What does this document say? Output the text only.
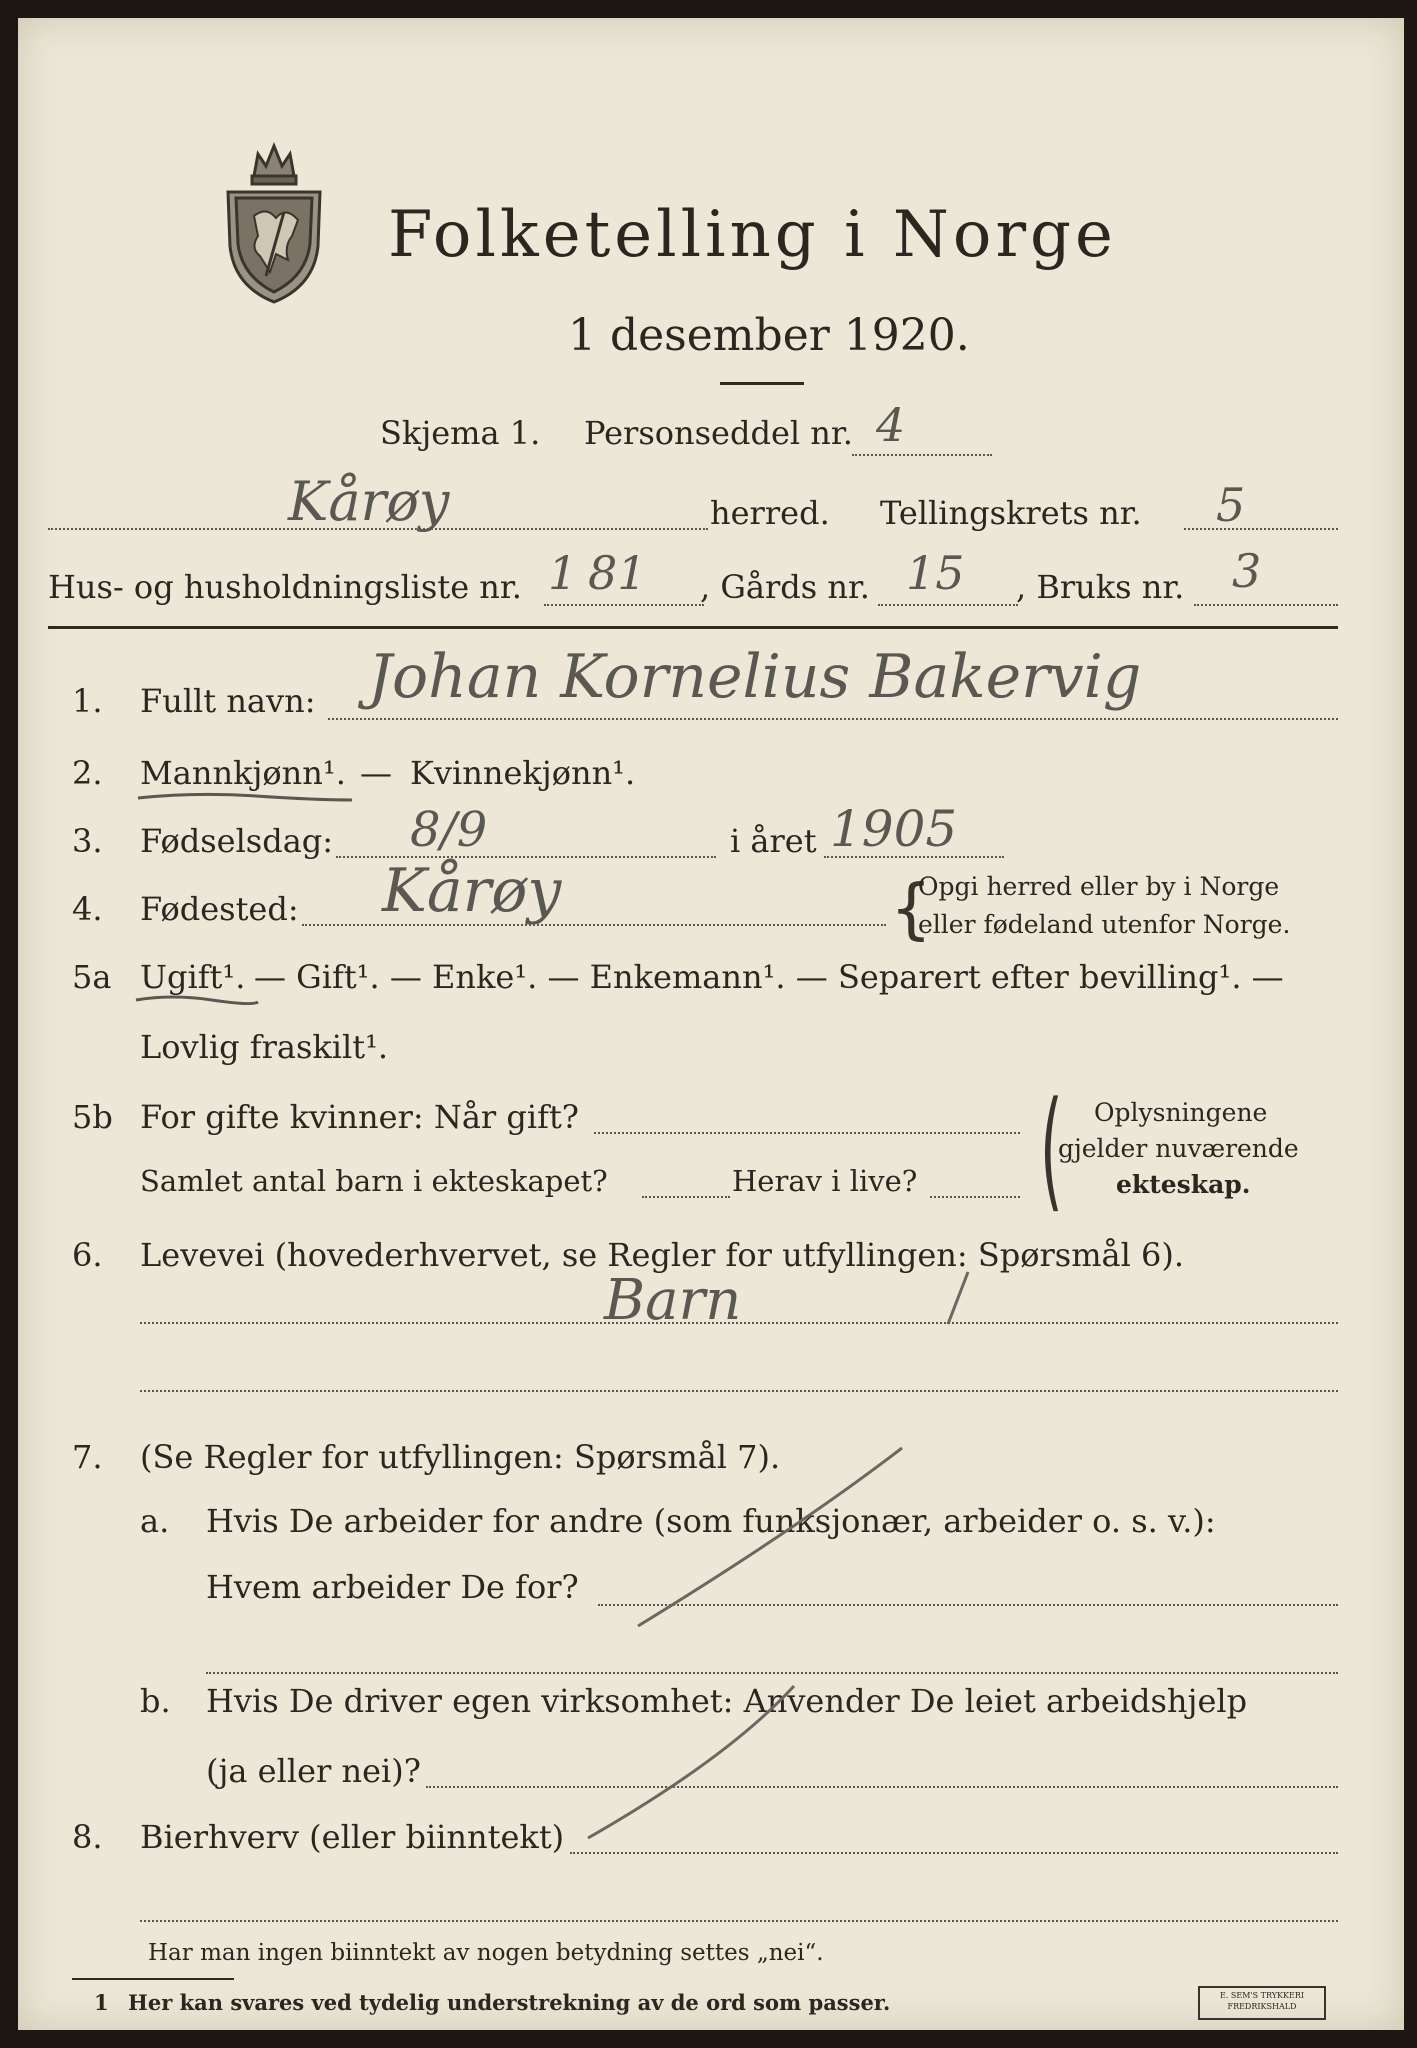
Folketelling i Norge
1 desember 1920.
Skjema 1. Personseddel nr. 4
Kårøy	herred. Tellingskrets nr. 5
Hus- og husholdningsliste nr. 1 81 , Gårds nr. 15 , Bruks nr. 3
1. Fullt navn: Johan Kornelius Bakervig
2. Mannkjønn¹. — Kvinnekjønn¹.
3. Fødselsdag: 8/9	i året 1905
4. Fødested: Kårøy	{
Opgi herred eller by i Norge
eller fødeland utenfor Norge.
5a Ugift¹. — Gift¹. — Enke¹. — Enkemann¹. — Separert efter bevilling¹. —
Lovlig fraskilt¹.
5b For gifte kvinner: Når gift?
Samlet antal barn i ekteskapet?	Herav i live? ( Oplysningene
gjelder nuværende
ekteskap.
6. Levevei (hovederhvervet, se Regler for utfyllingen: Spørsmål 6).
Barn
7. (Se Regler for utfyllingen: Spørsmål 7).
a. Hvis De arbeider for andre (som funksjonær, arbeider o. s. v.):
Hvem arbeider De for?
b. Hvis De driver egen virksomhet: Anvender De leiet arbeidshjelp
(ja eller nei)?
8. Bierhverv (eller biinntekt)
Har man ingen biinntekt av nogen betydning settes „nei“.
1 Her kan svares ved tydelig understrekning av de ord som passer.	E. SEM'S TRYKKERI
FREDRIKSHALD
